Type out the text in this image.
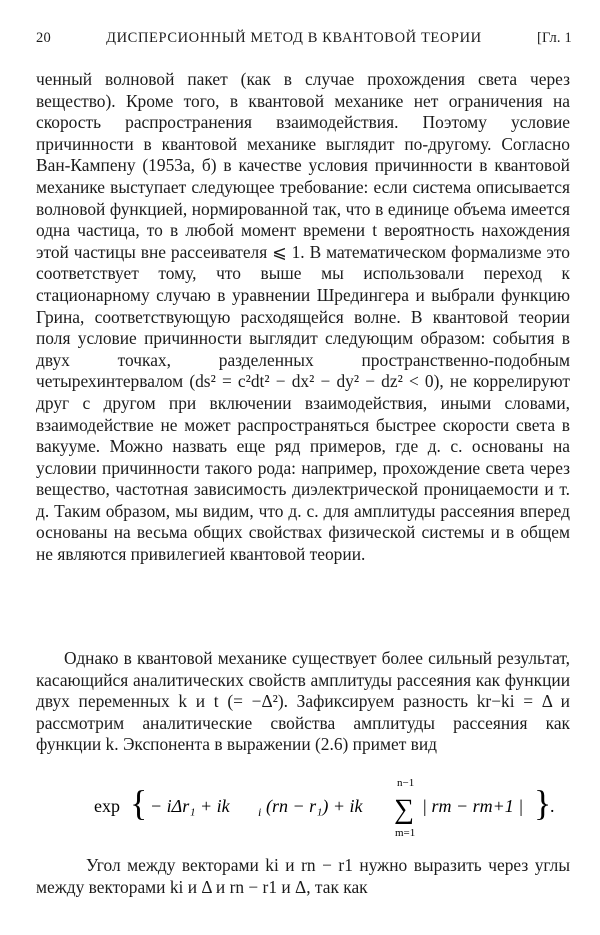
20	ДИСПЕРСИОННЫЙ МЕТОД В КВАНТОВОЙ ТЕОРИИ	[Гл. 1

ченный волновой пакет (как в случае прохождения света через вещество). Кроме того, в квантовой механике нет ограничения на скорость распространения взаимодействия. Поэтому условие причинности в квантовой механике выглядит по-другому. Согласно Ван-Кампену (1953а, б) в качестве условия причинности в квантовой механике выступает следующее требование: если система описывается волновой функцией, нормированной так, что в единице объема имеется одна частица, то в любой момент времени t вероятность нахождения этой частицы вне рассеивателя ⩽ 1. В математическом формализме это соответствует тому, что выше мы использовали переход к стационарному случаю в уравнении Шредингера и выбрали функцию Грина, соответствующую расходящейся волне. В квантовой теории поля условие причинности выглядит следующим образом: события в двух точках, разделенных пространственно-подобным четырехинтервалом (ds² = c²dt² − dx² − dy² − dz² < 0), не коррелируют друг с другом при включении взаимодействия, иными словами, взаимодействие не может распространяться быстрее скорости света в вакууме. Можно назвать еще ряд примеров, где д. с. основаны на условии причинности такого рода: например, прохождение света через вещество, частотная зависимость диэлектрической проницаемости и т. д. Таким образом, мы видим, что д. с. для амплитуды рассеяния вперед основаны на весьма общих свойствах физической системы и в общем не являются привилегией квантовой теории.

Однако в квантовой механике существует более сильный результат, касающийся аналитических свойств амплитуды рассеяния как функции двух переменных k и t (= −Δ²). Зафиксируем разность kr−ki = Δ и рассмотрим аналитические свойства амплитуды рассеяния как функции k. Экспонента в выражении (2.6) примет вид

exp { − iΔr₁ + ik i (rn − r₁) + ik
n−1
∑
m=1
| rm − rm+1 | }
.

Угол между векторами ki и rn − r1 нужно выразить через углы между векторами ki и Δ и rn − r1 и Δ, так как
